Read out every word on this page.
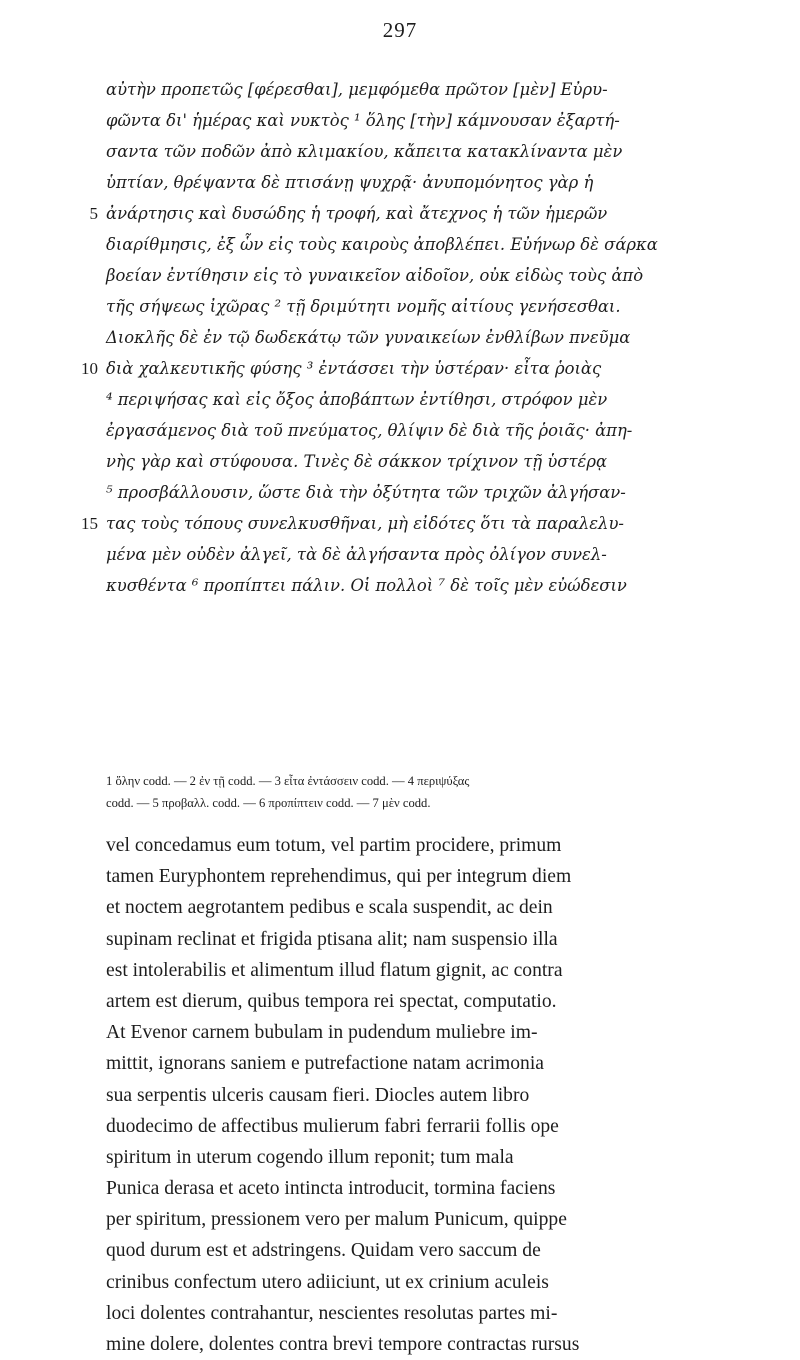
297
αὐτὴν προπετῶς [φέρεσθαι], μεμφόμεθα πρῶτον [μὲν] Εὐρυ-
φῶντα δι' ἡμέρας καὶ νυκτὸς ¹ ὅλης [τὴν] κάμνουσαν ἐξαρτή-
σαντα τῶν ποδῶν ἀπὸ κλιμακίου, κἄπειτα κατακλίναντα μὲν
ὑπτίαν, θρέψαντα δὲ πτισάνῃ ψυχρᾷ· ἀνυπομόνητος γὰρ ἡ
5 ἀνάρτησις καὶ δυσώδης ἡ τροφή, καὶ ἄτεχνος ἡ τῶν ἡμερῶν
διαρίθμησις, ἐξ ὧν εἰς τοὺς καιροὺς ἀποβλέπει. Εὐήνωρ δὲ σάρκα
βοείαν ἐντίθησιν εἰς τὸ γυναικεῖον αἰδοῖον, οὐκ εἰδὼς τοὺς ἀπὸ
τῆς σήψεως ἰχῶρας ² τῇ δριμύτητι νομῆς αἰτίους γενήσεσθαι.
Διοκλῆς δὲ ἐν τῷ δωδεκάτῳ τῶν γυναικείων ἐνθλίβων πνεῦμα
10 διὰ χαλκευτικῆς φύσης ³ ἐντάσσει τὴν ὑστέραν· εἶτα ῥοιὰς
⁴ περιψήσας καὶ εἰς ὄξος ἀποβάπτων ἐντίθησι, στρόφον μὲν
ἐργασάμενος διὰ τοῦ πνεύματος, θλίψιν δὲ διὰ τῆς ῥοιᾶς· ἀπη-
νὴς γὰρ καὶ στύφουσα. Τινὲς δὲ σάκκον τρίχινον τῇ ὑστέρᾳ
⁵ προσβάλλουσιν, ὥστε διὰ τὴν ὀξύτητα τῶν τριχῶν ἀλγήσαν-
15 τας τοὺς τόπους συνελκυσθῆναι, μὴ εἰδότες ὅτι τὰ παραλελυ-
μένα μὲν οὐδὲν ἀλγεῖ, τὰ δὲ ἀλγήσαντα πρὸς ὀλίγον συνελ-
κυσθέντα ⁶ προπίπτει πάλιν. Οἱ πολλοὶ ⁷ δὲ τοῖς μὲν εὐώδεσιν
1 ὅλην codd. — 2 ἐν τῇ codd. — 3 εἶτα ἐντάσσειν codd. — 4 περιψύξας
codd. — 5 προβαλλ. codd. — 6 προπίπτειν codd. — 7 μὲν codd.
vel concedamus eum totum, vel partim procidere, primum
tamen Euryphontem reprehendimus, qui per integrum diem
et noctem aegrotantem pedibus e scala suspendit, ac dein
supinam reclinat et frigida ptisana alit; nam suspensio illa
est intolerabilis et alimentum illud flatum gignit, ac contra
artem est dierum, quibus tempora rei spectat, computatio.
At Evenor carnem bubulam in pudendum muliebre im-
mittit, ignorans saniem e putrefactione natam acrimonia
sua serpentis ulceris causam fieri. Diocles autem libro
duodecimo de affectibus mulierum fabri ferrarii follis ope
spiritum in uterum cogendo illum reponit; tum mala
Punica derasa et aceto intincta introducit, tormina faciens
per spiritum, pressionem vero per malum Punicum, quippe
quod durum est et adstringens. Quidam vero saccum de
crinibus confectum utero adiiciunt, ut ex crinium aculeis
loci dolentes contrahantur, nescientes resolutas partes mi-
mine dolere, dolentes contra brevi tempore contractas rursus
